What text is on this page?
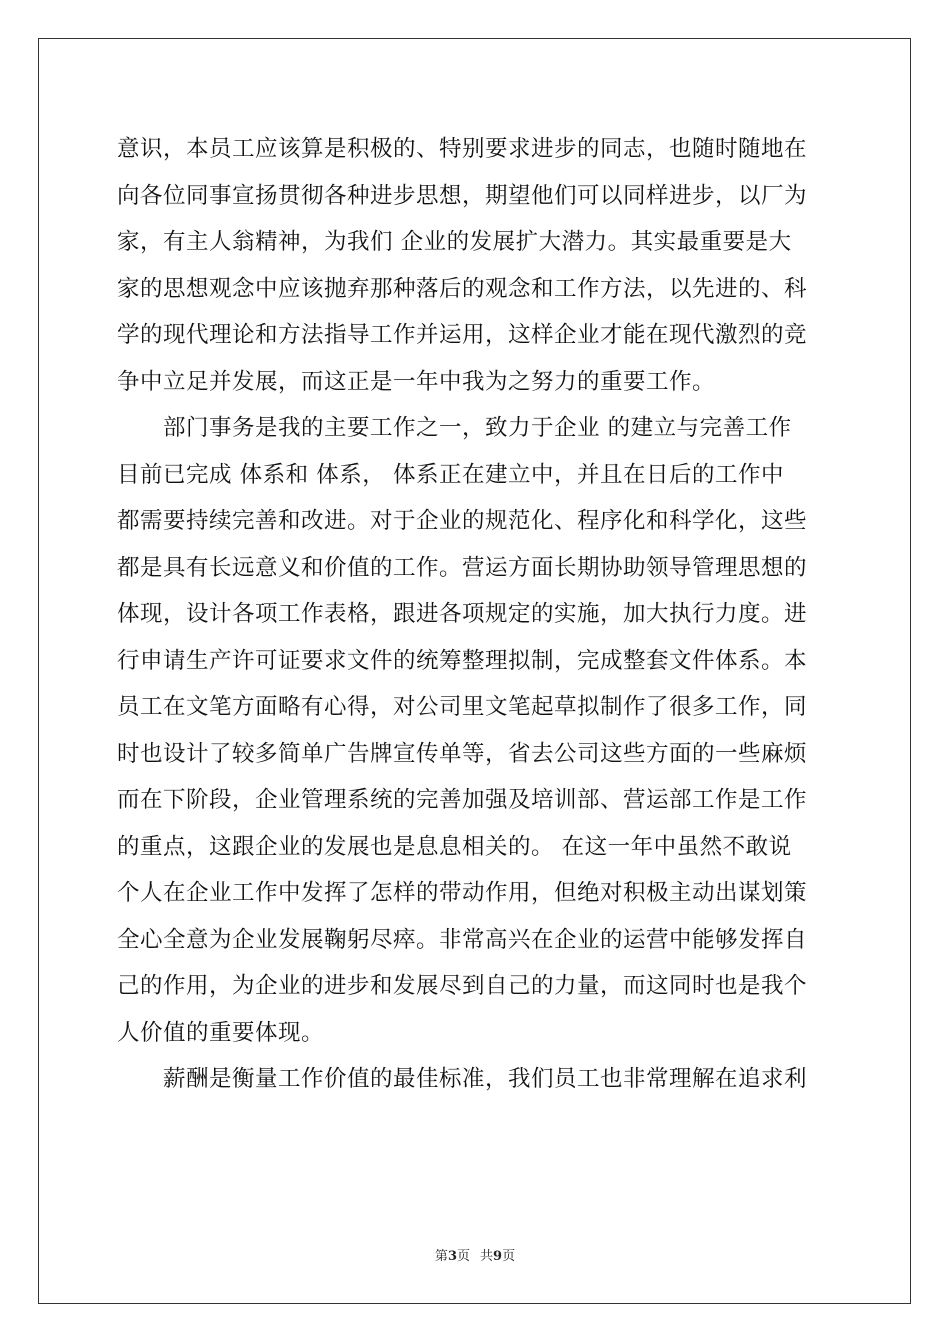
意识，本员工应该算是积极的、特别要求进步的同志，也随时随地在
向各位同事宣扬贯彻各种进步思想，期望他们可以同样进步，以厂为
家，有主人翁精神，为我们 企业的发展扩大潜力。其实最重要是大
家的思想观念中应该抛弃那种落后的观念和工作方法，以先进的、科
学的现代理论和方法指导工作并运用，这样企业才能在现代激烈的竞
争中立足并发展，而这正是一年中我为之努力的重要工作。
　　部门事务是我的主要工作之一，致力于企业 的建立与完善工作
目前已完成 体系和 体系， 体系正在建立中，并且在日后的工作中
都需要持续完善和改进。对于企业的规范化、程序化和科学化，这些
都是具有长远意义和价值的工作。营运方面长期协助领导管理思想的
体现，设计各项工作表格，跟进各项规定的实施，加大执行力度。进
行申请生产许可证要求文件的统筹整理拟制，完成整套文件体系。本
员工在文笔方面略有心得，对公司里文笔起草拟制作了很多工作，同
时也设计了较多简单广告牌宣传单等，省去公司这些方面的一些麻烦
而在下阶段，企业管理系统的完善加强及培训部、营运部工作是工作
的重点，这跟企业的发展也是息息相关的。 在这一年中虽然不敢说
个人在企业工作中发挥了怎样的带动作用，但绝对积极主动出谋划策
全心全意为企业发展鞠躬尽瘁。非常高兴在企业的运营中能够发挥自
己的作用，为企业的进步和发展尽到自己的力量，而这同时也是我个
人价值的重要体现。
　　薪酬是衡量工作价值的最佳标准，我们员工也非常理解在追求利
第3页 共9页
